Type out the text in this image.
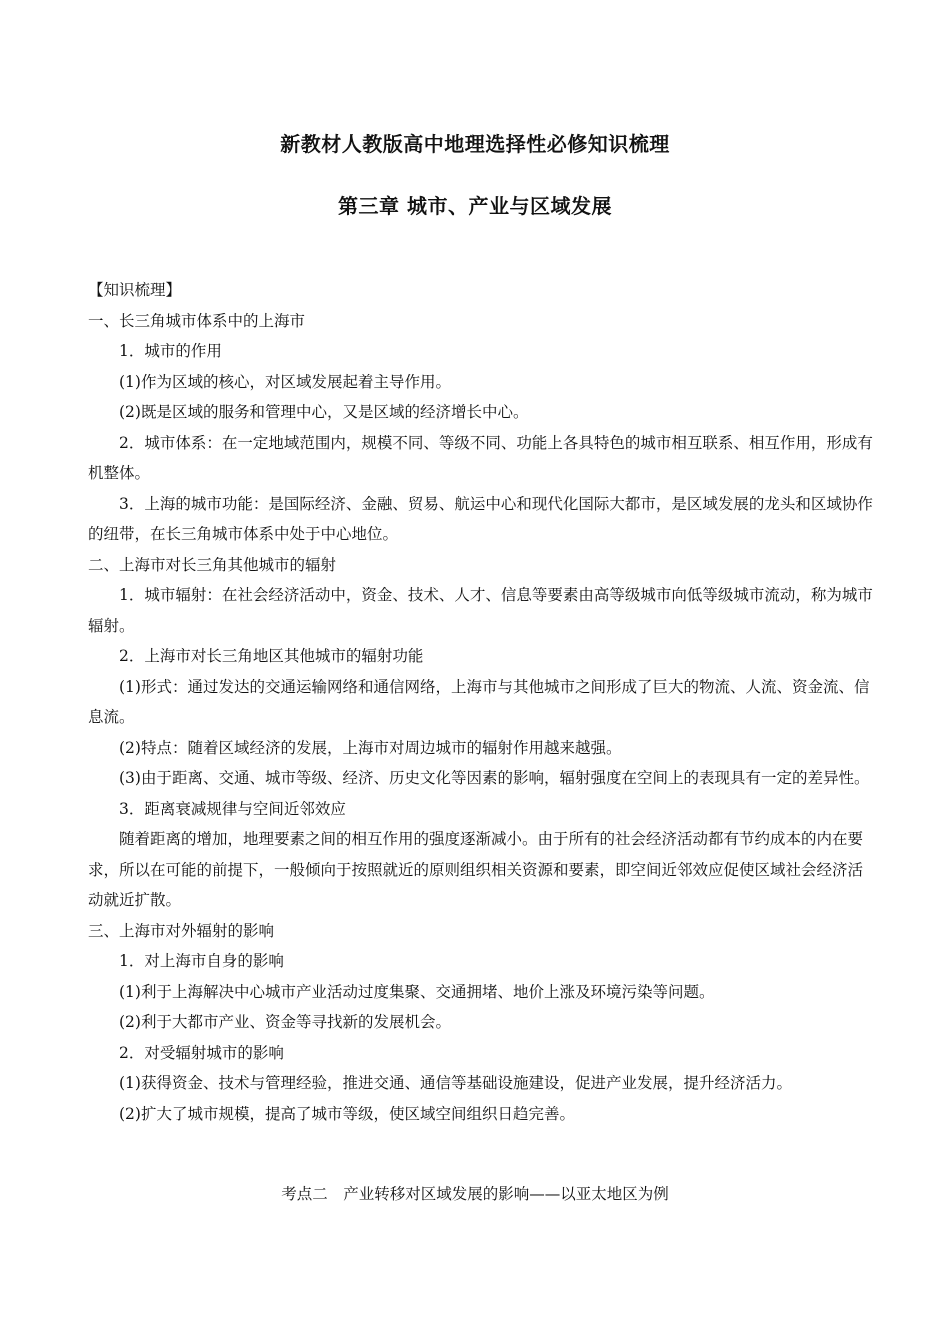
新教材人教版高中地理选择性必修知识梳理
第三章 城市、产业与区域发展

【知识梳理】

一、长三角城市体系中的上海市

1．城市的作用

(1)作为区域的核心，对区域发展起着主导作用。

(2)既是区域的服务和管理中心，又是区域的经济增长中心。

2．城市体系：在一定地域范围内，规模不同、等级不同、功能上各具特色的城市相互联系、相互作用，形成有机整体。

3．上海的城市功能：是国际经济、金融、贸易、航运中心和现代化国际大都市，是区域发展的龙头和区域协作的纽带，在长三角城市体系中处于中心地位。

二、上海市对长三角其他城市的辐射

1．城市辐射：在社会经济活动中，资金、技术、人才、信息等要素由高等级城市向低等级城市流动，称为城市辐射。

2．上海市对长三角地区其他城市的辐射功能

(1)形式：通过发达的交通运输网络和通信网络，上海市与其他城市之间形成了巨大的物流、人流、资金流、信息流。

(2)特点：随着区域经济的发展，上海市对周边城市的辐射作用越来越强。

(3)由于距离、交通、城市等级、经济、历史文化等因素的影响，辐射强度在空间上的表现具有一定的差异性。

3．距离衰减规律与空间近邻效应

随着距离的增加，地理要素之间的相互作用的强度逐渐减小。由于所有的社会经济活动都有节约成本的内在要求，所以在可能的前提下，一般倾向于按照就近的原则组织相关资源和要素，即空间近邻效应促使区域社会经济活动就近扩散。

三、上海市对外辐射的影响

1．对上海市自身的影响

(1)利于上海解决中心城市产业活动过度集聚、交通拥堵、地价上涨及环境污染等问题。

(2)利于大都市产业、资金等寻找新的发展机会。

2．对受辐射城市的影响

(1)获得资金、技术与管理经验，推进交通、通信等基础设施建设，促进产业发展，提升经济活力。

(2)扩大了城市规模，提高了城市等级，使区域空间组织日趋完善。

考点二　产业转移对区域发展的影响——以亚太地区为例
